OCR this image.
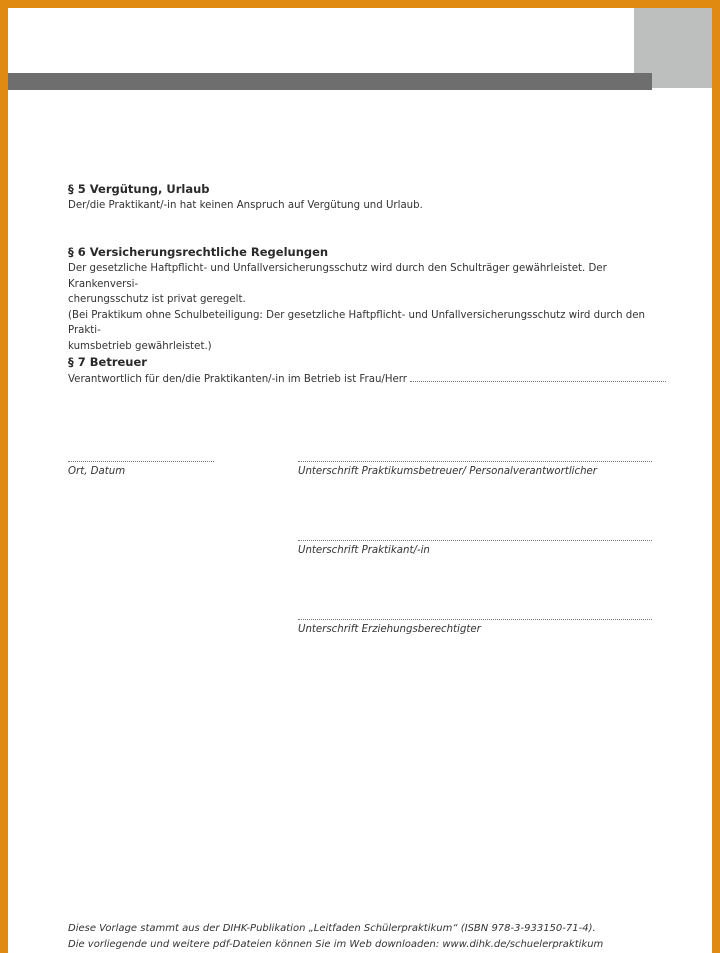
§ 5 Vergütung, Urlaub

Der/die Praktikant/-in hat keinen Anspruch auf Vergütung und Urlaub.

§ 6 Versicherungsrechtliche Regelungen

Der gesetzliche Haftpflicht- und Unfallversicherungsschutz wird durch den Schulträger gewährleistet. Der Krankenversi-

cherungsschutz ist privat geregelt.

(Bei Praktikum ohne Schulbeteiligung: Der gesetzliche Haftpflicht- und Unfallversicherungsschutz wird durch den Prakti-

kumsbetrieb gewährleistet.)

§ 7 Betreuer

Verantwortlich für den/die Praktikanten/-in im Betrieb ist Frau/Herr

Ort, Datum	Unterschrift Praktikumsbetreuer/ Personalverantwortlicher
Unterschrift Praktikant/-in
Unterschrift Erziehungsberechtigter
Diese Vorlage stammt aus der DIHK-Publikation „Leitfaden Schülerpraktikum“ (ISBN 978-3-933150-71-4).
Die vorliegende und weitere pdf-Dateien können Sie im Web downloaden: www.dihk.de/schuelerpraktikum
